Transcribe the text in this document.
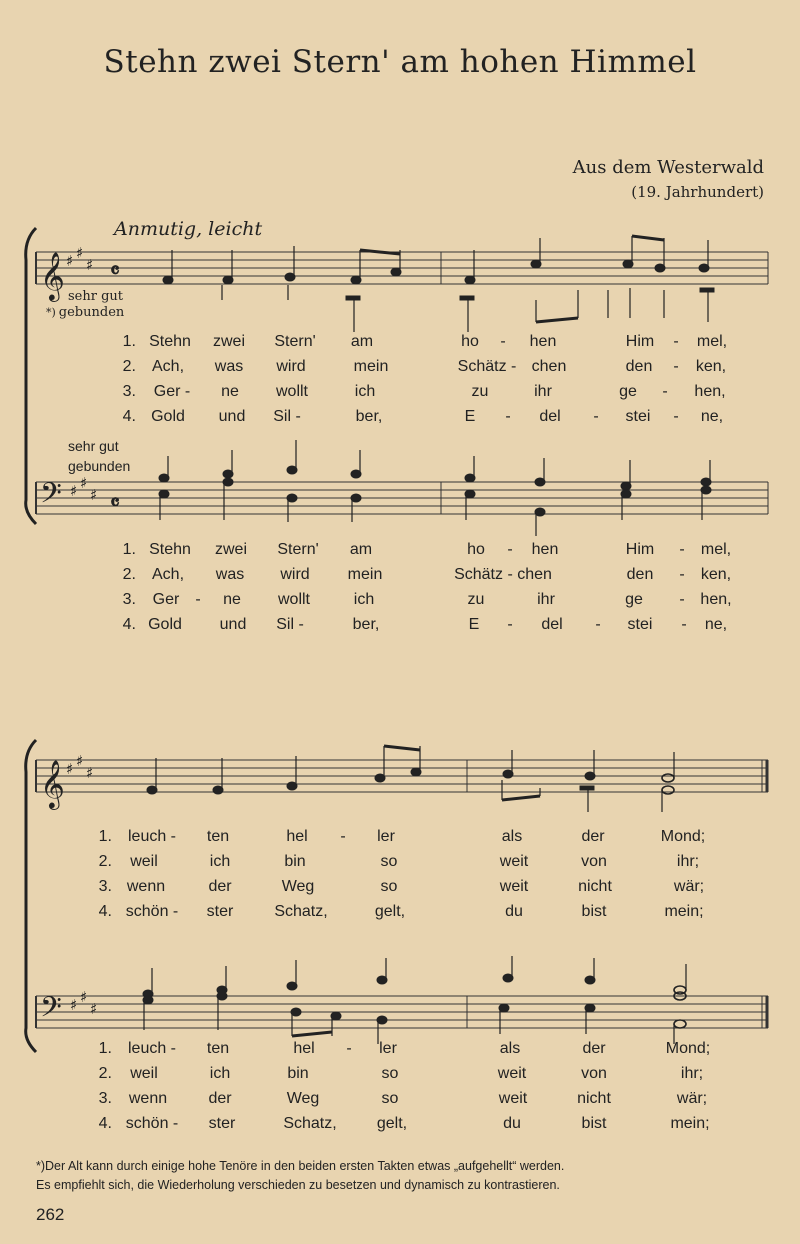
Stehn zwei Stern' am hohen Himmel
Aus dem Westerwald
(19. Jahrhundert)
Anmutig, leicht
sehr gut
*) gebunden
sehr gut
gebunden
𝄞 ♯ ♯
♯ 𝄴
𝄢 ♯ ♯
♯ 𝄴
𝄞 ♯ ♯
♯
𝄢 ♯ ♯
♯
1. Stehn zwei Stern' am	ho - hen	Him - mel,
2. Ach, was wird	mein	Schätz - chen	den - ken,
3. Ger - ne wollt	ich	zu	ihr	ge - hen,
4. Gold und Sil -	ber,	E - del - stei - ne,
1. Stehn zwei Stern' am	ho - hen	Him - mel,
2. Ach, was wird mein	Schätz - chen	den - ken,
3. Ger - ne wollt	ich	zu	ihr	ge - hen,
4. Gold und Sil -	ber,	E - del - stei - ne,
1. leuch - ten	hel - ler	als	der	Mond;
2. weil	ich	bin	so	weit	von	ihr;
3. wenn	der	Weg	so	weit	nicht	wär;
4. schön - ster	Schatz,	gelt,	du	bist	mein;
1. leuch - ten	hel - ler	als	der	Mond;
2. weil	ich	bin	so	weit	von	ihr;
3. wenn	der	Weg	so	weit	nicht	wär;
4. schön - ster	Schatz,	gelt,	du	bist	mein;
*)Der Alt kann durch einige hohe Tenöre in den beiden ersten Takten etwas „aufgehellt“ werden.
Es empfiehlt sich, die Wiederholung verschieden zu besetzen und dynamisch zu kontrastieren.
262
